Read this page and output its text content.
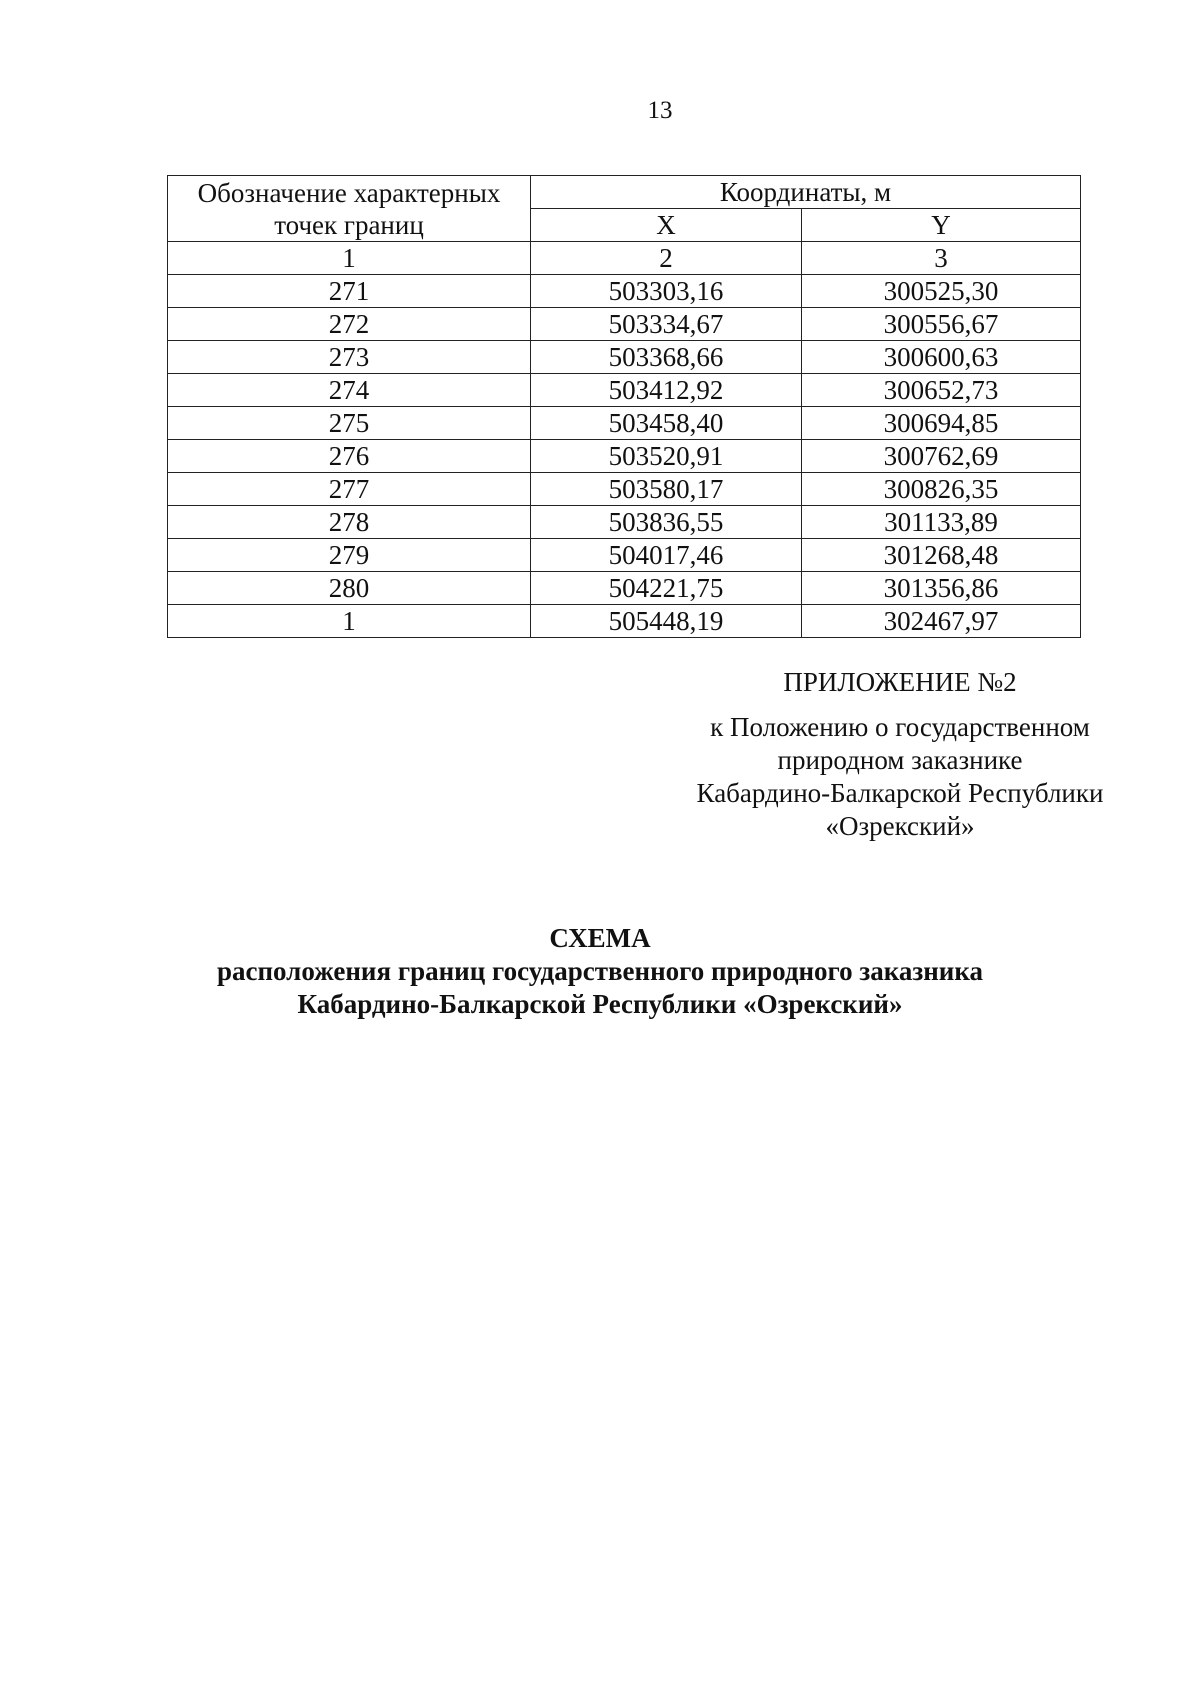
13
Обозначение характерных точек границ	Координаты, м	
	X	Y
1	2	3
271	503303,16	300525,30
272	503334,67	300556,67
273	503368,66	300600,63
274	503412,92	300652,73
275	503458,40	300694,85
276	503520,91	300762,69
277	503580,17	300826,35
278	503836,55	301133,89
279	504017,46	301268,48
280	504221,75	301356,86
1	505448,19	302467,97
ПРИЛОЖЕНИЕ №2
к Положению о государственном
природном заказнике
Кабардино-Балкарской Республики
«Озрекский»
СХЕМА
расположения границ государственного природного заказника
Кабардино-Балкарской Республики «Озрекский»
